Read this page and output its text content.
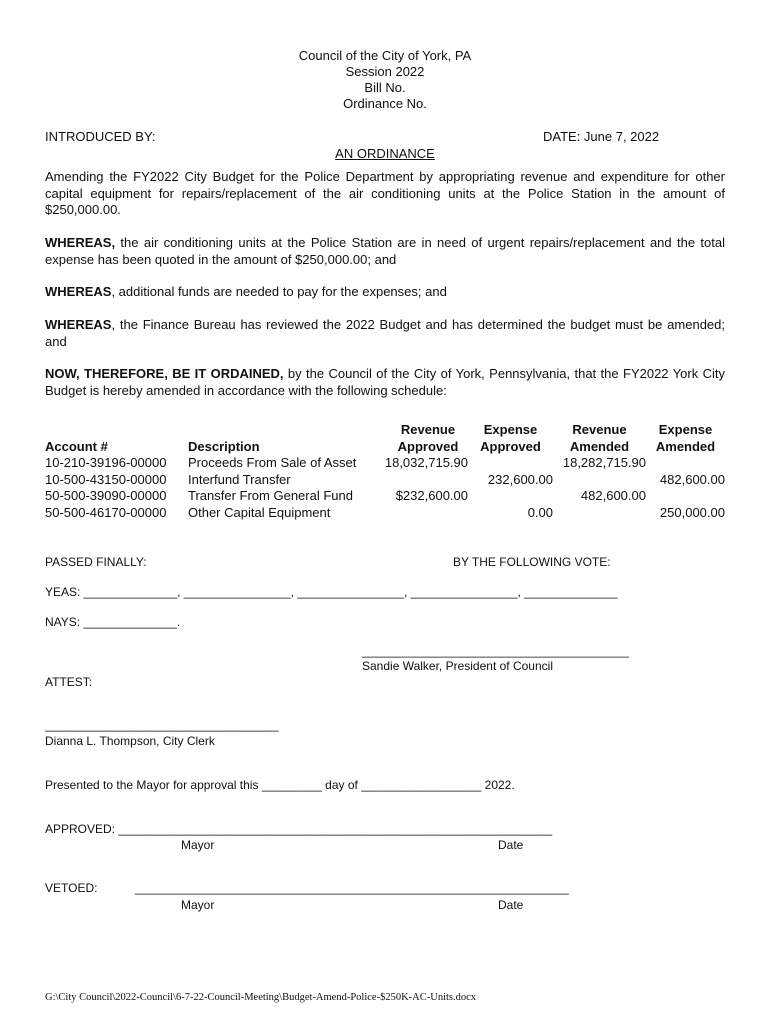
Council of the City of York, PA
Session 2022
Bill No.
Ordinance No.
INTRODUCED BY:	DATE: June 7, 2022
AN ORDINANCE
Amending the FY2022 City Budget for the Police Department by appropriating revenue and expenditure for other capital equipment for repairs/replacement of the air conditioning units at the Police Station in the amount of $250,000.00.
WHEREAS, the air conditioning units at the Police Station are in need of urgent repairs/replacement and the total expense has been quoted in the amount of $250,000.00; and
WHEREAS, additional funds are needed to pay for the expenses; and
WHEREAS, the Finance Bureau has reviewed the 2022 Budget and has determined the budget must be amended; and
NOW, THEREFORE, BE IT ORDAINED, by the Council of the City of York, Pennsylvania, that the FY2022 York City Budget is hereby amended in accordance with the following schedule:
		Revenue	Expense	Revenue	Expense
Account #	Description	Approved	Approved	Amended	Amended
10-210-39196-00000	Proceeds From Sale of Asset	18,032,715.90		18,282,715.90	
10-500-43150-00000	Interfund Transfer		232,600.00		482,600.00
50-500-39090-00000	Transfer From General Fund	$232,600.00		482,600.00	
50-500-46170-00000	Other Capital Equipment		0.00		250,000.00
PASSED FINALLY:	BY THE FOLLOWING VOTE:
YEAS: ______________, ________________, ________________, ________________, ______________
NAYS: ______________.
________________________________________
Sandie Walker, President of Council
ATTEST:
___________________________________
Dianna L. Thompson, City Clerk
Presented to the Mayor for approval this _________ day of __________________ 2022.
APPROVED: _________________________________________________________________
Mayor	Date
VETOED:	_________________________________________________________________
Mayor	Date
G:\City Council\2022-Council\6-7-22-Council-Meeting\Budget-Amend-Police-$250K-AC-Units.docx
